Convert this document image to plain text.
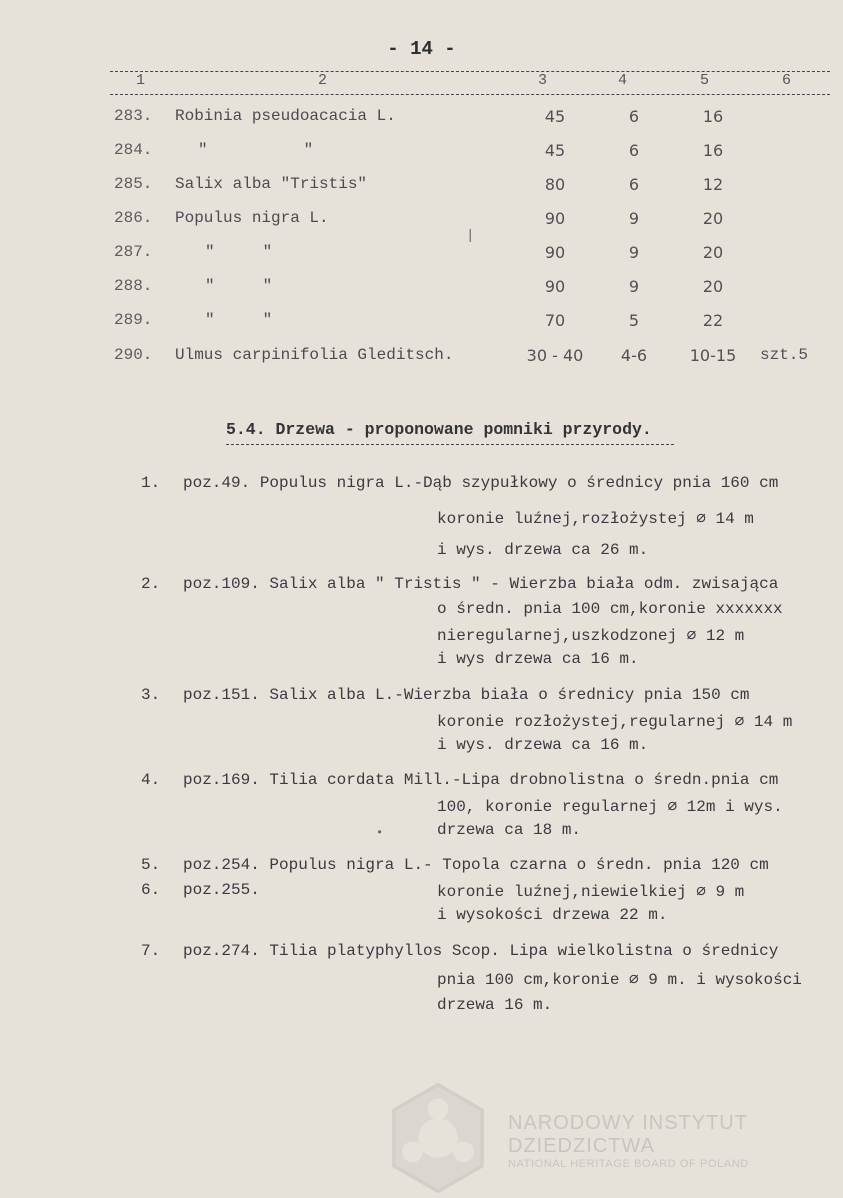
- 14 -
1	2	3	4	5	6
283. Robinia pseudoacacia L.	45	6	16
284.	"          "	45	6	16
285. Salix alba "Tristis"	80	6	12
286. Populus nigra L.	90	9	20
287.	"     "	90	9	20
288.	"     "	90	9	20
289.	"     "	70	5	22
290. Ulmus carpinifolia Gleditsch.	30 - 40	4-6	10-15	szt.5
5.4. Drzewa - proponowane pomniki przyrody.
1. poz.49. Populus nigra L.-Dąb szypułkowy o średnicy pnia 160 cm
koronie luźnej,rozłożystej ∅ 14 m
i wys. drzewa ca 26 m.
2. poz.109. Salix alba " Tristis " - Wierzba biała odm. zwisająca
o średn. pnia 100 cm,koronie xxxxxxx
nieregularnej,uszkodzonej ∅ 12 m
i wys drzewa ca 16 m.
3. poz.151. Salix alba L.-Wierzba biała o średnicy pnia 150 cm
koronie rozłożystej,regularnej ∅ 14 m
i wys. drzewa ca 16 m.
4. poz.169. Tilia cordata Mill.-Lipa drobnolistna o średn.pnia cm
100, koronie regularnej ∅ 12m i wys.
drzewa ca 18 m.
5. poz.254. Populus nigra L.- Topola czarna o średn. pnia 120 cm
6. poz.255.	koronie luźnej,niewielkiej ∅ 9 m
i wysokości drzewa 22 m.
7. poz.274. Tilia platyphyllos Scop. Lipa wielkolistna o średnicy
pnia 100 cm,koronie ∅ 9 m. i wysokości
drzewa 16 m.
|
•
NARODOWY INSTYTUT
DZIEDZICTWA
NATIONAL HERITAGE BOARD OF POLAND
